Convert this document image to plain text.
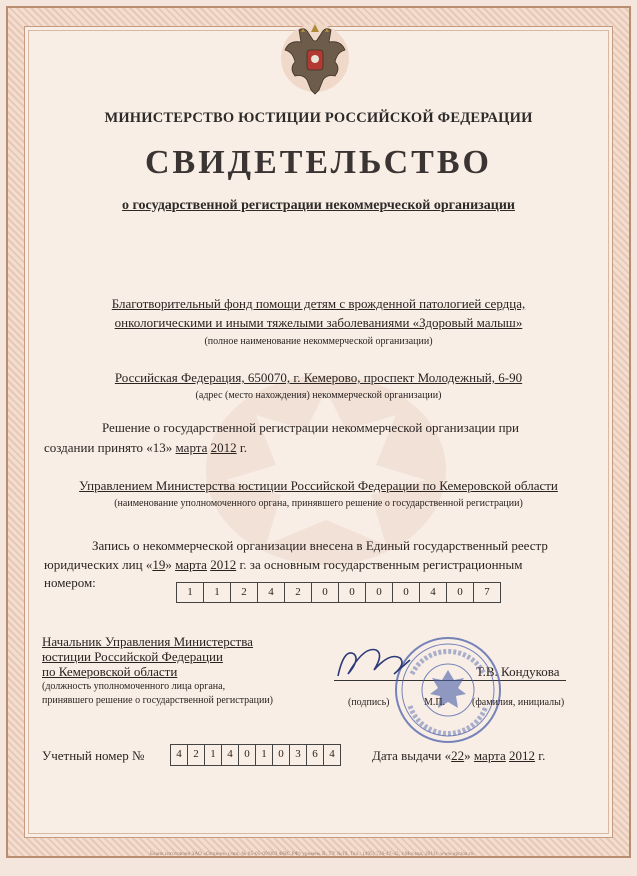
МИНИСТЕРСТВО ЮСТИЦИИ РОССИЙСКОЙ ФЕДЕРАЦИИ
СВИДЕТЕЛЬСТВО
о государственной регистрации некоммерческой организации
Благотворительный фонд помощи детям с врожденной патологией сердца,
онкологическими и иными тяжелыми заболеваниями «Здоровый малыш»
(полное наименование некоммерческой организации)
Российская Федерация, 650070, г. Кемерово, проспект Молодежный, 6-90
(адрес (место нахождения) некоммерческой организации)
Решение о государственной регистрации некоммерческой организации при
создании принято «13» марта 2012 г.
Управлением Министерства юстиции Российской Федерации по Кемеровской области
(наименование уполномоченного органа, принявшего решение о государственной регистрации)
Запись о некоммерческой организации внесена в Единый государственный реестр
юридических лиц «19» марта 2012 г. за основным государственным регистрационным
номером:
1	1	2	4	2	0	0	0	0	4	0	7
Начальник Управления Министерства
юстиции Российской Федерации
по Кемеровской области
(должность уполномоченного лица органа,
принявшего решение о государственной регистрации)	(подпись)	М.П.
Т.В. Кондукова
(фамилия, инициалы)
Учетный номер №	4	2	1	4	0	1	0	3	6	4	Дата выдачи «22» марта 2012 г.
Бланк изготовлен ЗАО «Опцион» (лиц. № 05-05-09/003 ФНС РФ) уровень В. ТУ №19. Тел.: (495) 726-47-42, г.Москва, 2011г. www.opcion.ru
